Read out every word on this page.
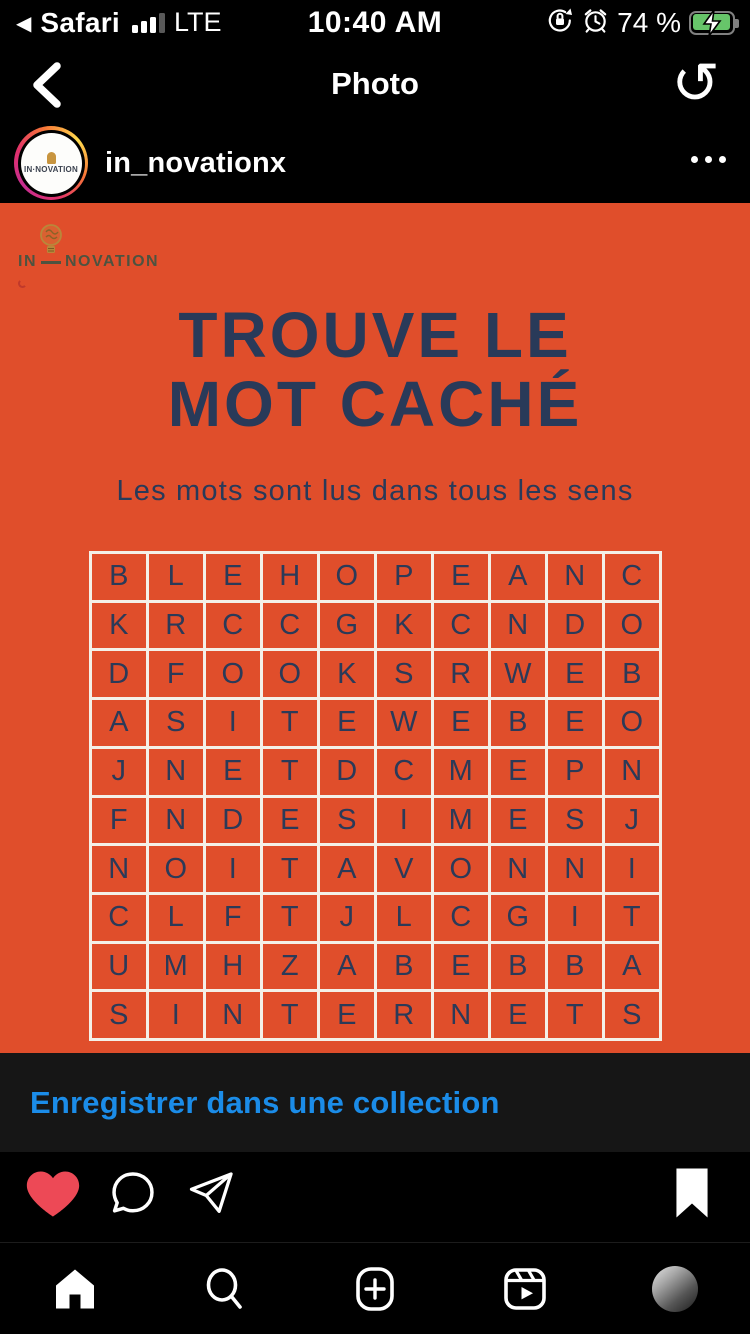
◀ Safari LTE	10:40 AM	74 %
Photo	↺
IN·NOVATION in_novationx
IN NOVATION
TROUVE LE
MOT CACHÉ
Les mots sont lus dans tous les sens
B	L	E	H	O	P	E	A	N	C
K	R	C	C	G	K	C	N	D	O
D	F	O	O	K	S	R	W	E	B
A	S	I	T	E	W	E	B	E	O
J	N	E	T	D	C	M	E	P	N
F	N	D	E	S	I	M	E	S	J
N	O	I	T	A	V	O	N	N	I
C	L	F	T	J	L	C	G	I	T
U	M	H	Z	A	B	E	B	B	A
S	I	N	T	E	R	N	E	T	S
Enregistrer dans une collection
